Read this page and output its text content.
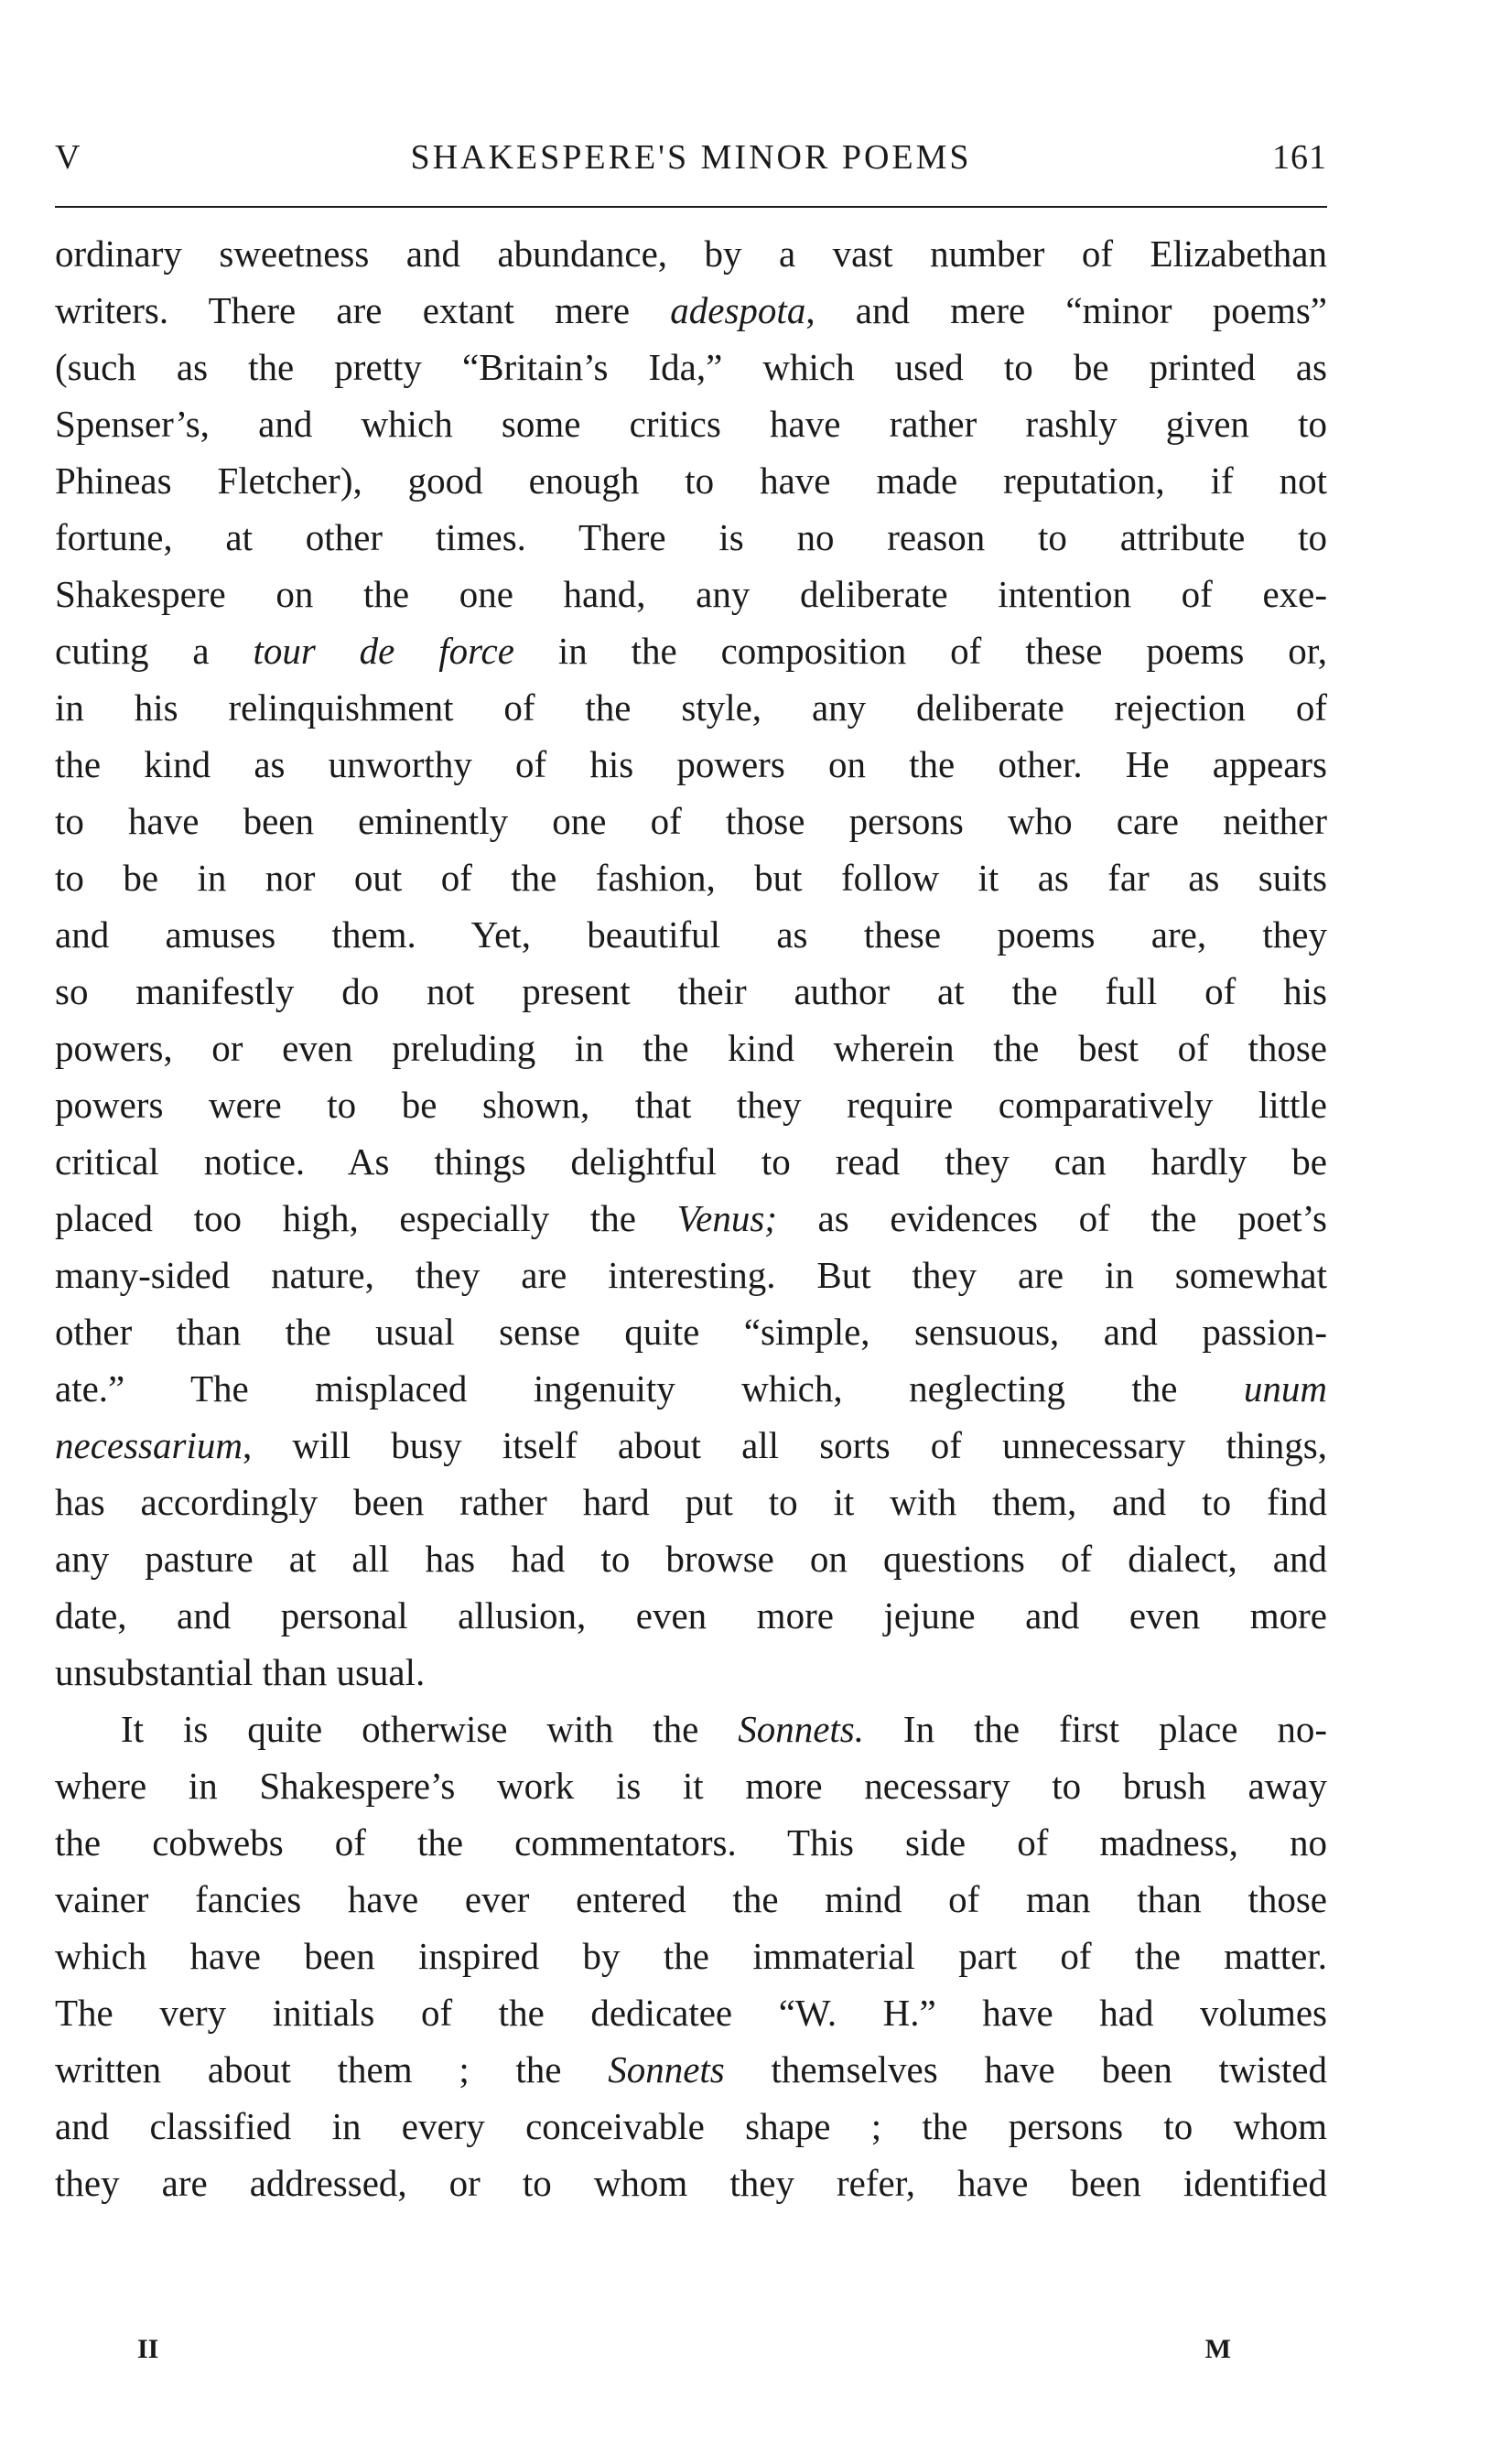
V	SHAKESPERE'S MINOR POEMS	161
ordinary sweetness and abundance, by a vast number of Elizabethan
writers. There are extant mere adespota, and mere “minor poems”
(such as the pretty “Britain’s Ida,” which used to be printed as
Spenser’s, and which some critics have rather rashly given to
Phineas Fletcher), good enough to have made reputation, if not
fortune, at other times. There is no reason to attribute to
Shakespere on the one hand, any deliberate intention of exe-
cuting a tour de force in the composition of these poems or,
in his relinquishment of the style, any deliberate rejection of
the kind as unworthy of his powers on the other. He appears
to have been eminently one of those persons who care neither
to be in nor out of the fashion, but follow it as far as suits
and amuses them. Yet, beautiful as these poems are, they
so manifestly do not present their author at the full of his
powers, or even preluding in the kind wherein the best of those
powers were to be shown, that they require comparatively little
critical notice. As things delightful to read they can hardly be
placed too high, especially the Venus; as evidences of the poet’s
many-sided nature, they are interesting. But they are in somewhat
other than the usual sense quite “simple, sensuous, and passion-
ate.” The misplaced ingenuity which, neglecting the unum
necessarium, will busy itself about all sorts of unnecessary things,
has accordingly been rather hard put to it with them, and to find
any pasture at all has had to browse on questions of dialect, and
date, and personal allusion, even more jejune and even more
unsubstantial than usual.
It is quite otherwise with the Sonnets. In the first place no-
where in Shakespere’s work is it more necessary to brush away
the cobwebs of the commentators. This side of madness, no
vainer fancies have ever entered the mind of man than those
which have been inspired by the immaterial part of the matter.
The very initials of the dedicatee “W. H.” have had volumes
written about them ; the Sonnets themselves have been twisted
and classified in every conceivable shape ; the persons to whom
they are addressed, or to whom they refer, have been identified
II	M
